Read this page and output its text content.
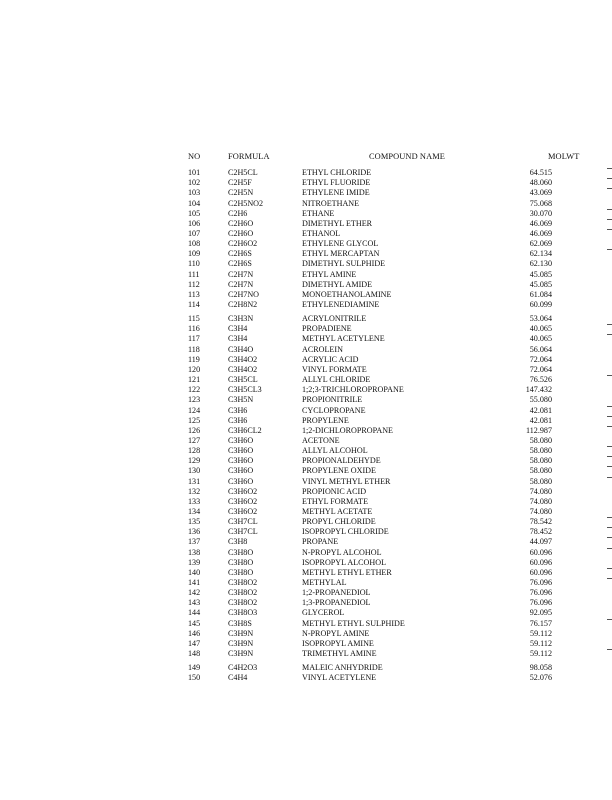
NO	FORMULA	COMPOUND NAME	MOLWT
101	C2H5CL	ETHYL CHLORIDE	64.515
102	C2H5F	ETHYL FLUORIDE	48.060
103	C2H5N	ETHYLENE IMIDE	43.069
104	C2H5NO2	NITROETHANE	75.068
105	C2H6	ETHANE	30.070
106	C2H6O	DIMETHYL ETHER	46.069
107	C2H6O	ETHANOL	46.069
108	C2H6O2	ETHYLENE GLYCOL	62.069
109	C2H6S	ETHYL MERCAPTAN	62.134
110	C2H6S	DIMETHYL SULPHIDE	62.130
111	C2H7N	ETHYL AMINE	45.085
112	C2H7N	DIMETHYL AMIDE	45.085
113	C2H7NO	MONOETHANOLAMINE	61.084
114	C2H8N2	ETHYLENEDIAMINE	60.099
115	C3H3N	ACRYLONITRILE	53.064
116	C3H4	PROPADIENE	40.065
117	C3H4	METHYL ACETYLENE	40.065
118	C3H4O	ACROLEIN	56.064
119	C3H4O2	ACRYLIC ACID	72.064
120	C3H4O2	VINYL FORMATE	72.064
121	C3H5CL	ALLYL CHLORIDE	76.526
122	C3H5CL3	1;2;3-TRICHLOROPROPANE	147.432
123	C3H5N	PROPIONITRILE	55.080
124	C3H6	CYCLOPROPANE	42.081
125	C3H6	PROPYLENE	42.081
126	C3H6CL2	1;2-DICHLOROPROPANE	112.987
127	C3H6O	ACETONE	58.080
128	C3H6O	ALLYL ALCOHOL	58.080
129	C3H6O	PROPIONALDEHYDE	58.080
130	C3H6O	PROPYLENE OXIDE	58.080
131	C3H6O	VINYL METHYL ETHER	58.080
132	C3H6O2	PROPIONIC ACID	74.080
133	C3H6O2	ETHYL FORMATE	74.080
134	C3H6O2	METHYL ACETATE	74.080
135	C3H7CL	PROPYL CHLORIDE	78.542
136	C3H7CL	ISOPROPYL CHLORIDE	78.452
137	C3H8	PROPANE	44.097
138	C3H8O	N-PROPYL ALCOHOL	60.096
139	C3H8O	ISOPROPYL ALCOHOL	60.096
140	C3H8O	METHYL ETHYL ETHER	60.096
141	C3H8O2	METHYLAL	76.096
142	C3H8O2	1;2-PROPANEDIOL	76.096
143	C3H8O2	1;3-PROPANEDIOL	76.096
144	C3H8O3	GLYCEROL	92.095
145	C3H8S	METHYL ETHYL SULPHIDE	76.157
146	C3H9N	N-PROPYL AMINE	59.112
147	C3H9N	ISOPROPYL AMINE	59.112
148	C3H9N	TRIMETHYL AMINE	59.112
149	C4H2O3	MALEIC ANHYDRIDE	98.058
150	C4H4	VINYL ACETYLENE	52.076
